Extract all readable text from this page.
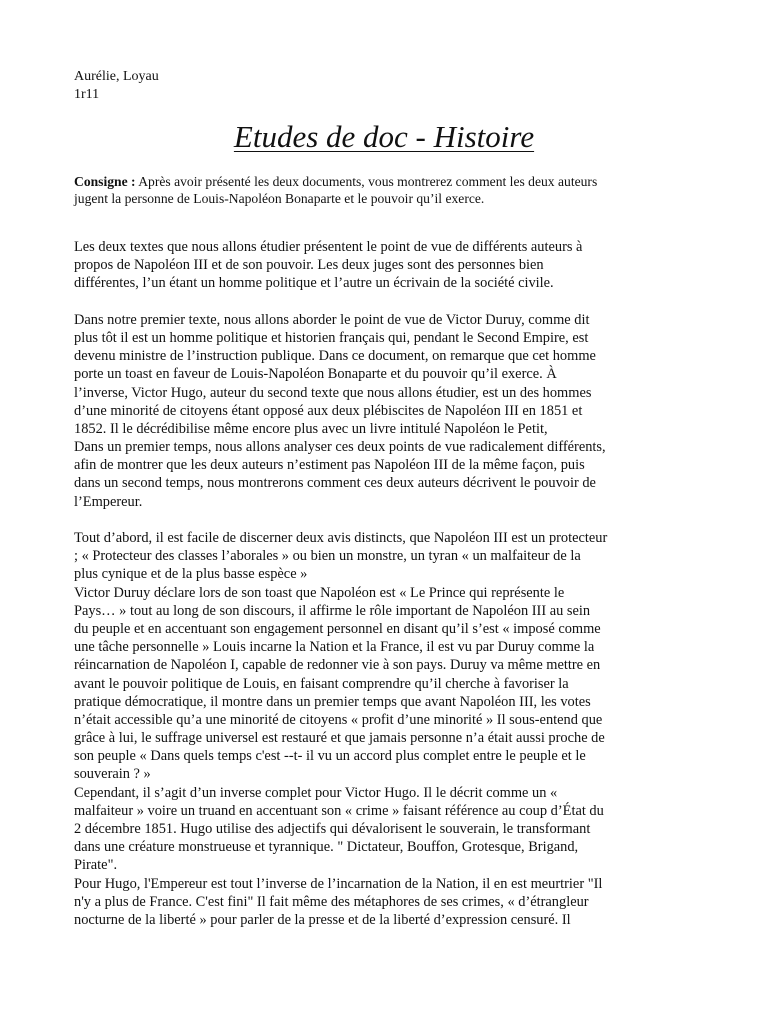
Aurélie, Loyau
1r11
Etudes de doc - Histoire
Consigne : Après avoir présenté les deux documents, vous montrerez comment les deux auteurs
jugent la personne de Louis-Napoléon Bonaparte et le pouvoir qu’il exerce.
Les deux textes que nous allons étudier présentent le point de vue de différents auteurs à
propos de Napoléon III et de son pouvoir. Les deux juges sont des personnes bien
différentes, l’un étant un homme politique et l’autre un écrivain de la société civile.
Dans notre premier texte, nous allons aborder le point de vue de Victor Duruy, comme dit
plus tôt il est un homme politique et historien français qui, pendant le Second Empire, est
devenu ministre de l’instruction publique. Dans ce document, on remarque que cet homme
porte un toast en faveur de Louis-Napoléon Bonaparte et du pouvoir qu’il exerce. À
l’inverse, Victor Hugo, auteur du second texte que nous allons étudier, est un des hommes
d’une minorité de citoyens étant opposé aux deux plébiscites de Napoléon III en 1851 et
1852. Il le décrédibilise même encore plus avec un livre intitulé Napoléon le Petit,
Dans un premier temps, nous allons analyser ces deux points de vue radicalement différents,
afin de montrer que les deux auteurs n’estiment pas Napoléon III de la même façon, puis
dans un second temps, nous montrerons comment ces deux auteurs décrivent le pouvoir de
l’Empereur.
Tout d’abord, il est facile de discerner deux avis distincts, que Napoléon III est un protecteur
; « Protecteur des classes l’aborales » ou bien un monstre, un tyran « un malfaiteur de la
plus cynique et de la plus basse espèce »
Victor Duruy déclare lors de son toast que Napoléon est « Le Prince qui représente le
Pays… » tout au long de son discours, il affirme le rôle important de Napoléon III au sein
du peuple et en accentuant son engagement personnel en disant qu’il s’est « imposé comme
une tâche personnelle » Louis incarne la Nation et la France, il est vu par Duruy comme la
réincarnation de Napoléon I, capable de redonner vie à son pays. Duruy va même mettre en
avant le pouvoir politique de Louis, en faisant comprendre qu’il cherche à favoriser la
pratique démocratique, il montre dans un premier temps que avant Napoléon III, les votes
n’était accessible qu’a une minorité de citoyens « profit d’une minorité » Il sous-entend que
grâce à lui, le suffrage universel est restauré et que jamais personne n’a était aussi proche de
son peuple « Dans quels temps c'est --t- il vu un accord plus complet entre le peuple et le
souverain ? »
Cependant, il s’agit d’un inverse complet pour Victor Hugo. Il le décrit comme un «
malfaiteur » voire un truand en accentuant son « crime » faisant référence au coup d’État du
2 décembre 1851. Hugo utilise des adjectifs qui dévalorisent le souverain, le transformant
dans une créature monstrueuse et tyrannique. " Dictateur, Bouffon, Grotesque, Brigand,
Pirate".
Pour Hugo, l'Empereur est tout l’inverse de l’incarnation de la Nation, il en est meurtrier "Il
n'y a plus de France. C'est fini" Il fait même des métaphores de ses crimes, « d’étrangleur
nocturne de la liberté » pour parler de la presse et de la liberté d’expression censuré. Il
